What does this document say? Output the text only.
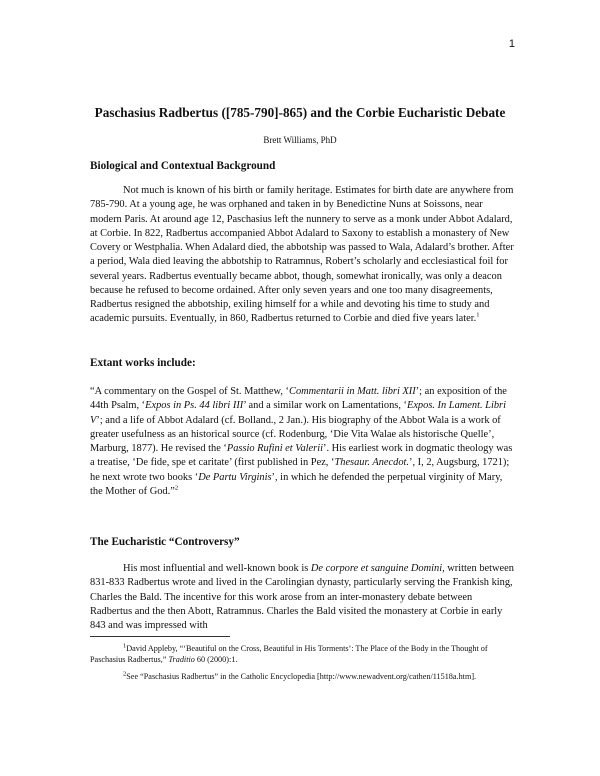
1
Paschasius Radbertus ([785-790]-865) and the Corbie Eucharistic Debate
Brett Williams, PhD
Biological and Contextual Background

Not much is known of his birth or family heritage. Estimates for birth date are anywhere from 785-790. At a young age, he was orphaned and taken in by Benedictine Nuns at Soissons, near modern Paris. At around age 12, Paschasius left the nunnery to serve as a monk under Abbot Adalard, at Corbie. In 822, Radbertus accompanied Abbot Adalard to Saxony to establish a monastery of New Covery or Westphalia. When Adalard died, the abbotship was passed to Wala, Adalard’s brother. After a period, Wala died leaving the abbotship to Ratramnus, Robert’s scholarly and ecclesiastical foil for several years. Radbertus eventually became abbot, though, somewhat ironically, was only a deacon because he refused to become ordained. After only seven years and one too many disagreements, Radbertus resigned the abbotship, exiling himself for a while and devoting his time to study and academic pursuits. Eventually, in 860, Radbertus returned to Corbie and died five years later.$^1$

Extant works include:

“A commentary on the Gospel of St. Matthew, ‘Commentarii in Matt. libri XII’; an exposition of the 44th Psalm, ‘Expos in Ps. 44 libri III’ and a similar work on Lamentations, ‘Expos. In Lament. Libri V’; and a life of Abbot Adalard (cf. Bolland., 2 Jan.). His biography of the Abbot Wala is a work of greater usefulness as an historical source (cf. Rodenburg, ‘Die Vita Walae als historische Quelle’, Marburg, 1877). He revised the ‘Passio Rufini et Valerii’. His earliest work in dogmatic theology was a treatise, ‘De fide, spe et caritate’ (first published in Pez, ‘Thesaur. Anecdot.’, I, 2, Augsburg, 1721); he next wrote two books ‘De Partu Virginis’, in which he defended the perpetual virginity of Mary, the Mother of God.”$^2$

The Eucharistic “Controversy”

His most influential and well-known book is De corpore et sanguine Domini, written between 831-833 Radbertus wrote and lived in the Carolingian dynasty, particularly serving the Frankish king, Charles the Bald. The incentive for this work arose from an inter-monastery debate between Radbertus and the then Abott, Ratramnus. Charles the Bald visited the monastery at Corbie in early 843 and was impressed with

$^1$David Appleby, “‘Beautiful on the Cross, Beautiful in His Torments’: The Place of the Body in the Thought of Paschasius Radbertus,” Traditio 60 (2000):1.

$^2$See “Paschasius Radbertus” in the Catholic Encyclopedia [http://www.newadvent.org/cathen/11518a.htm].
